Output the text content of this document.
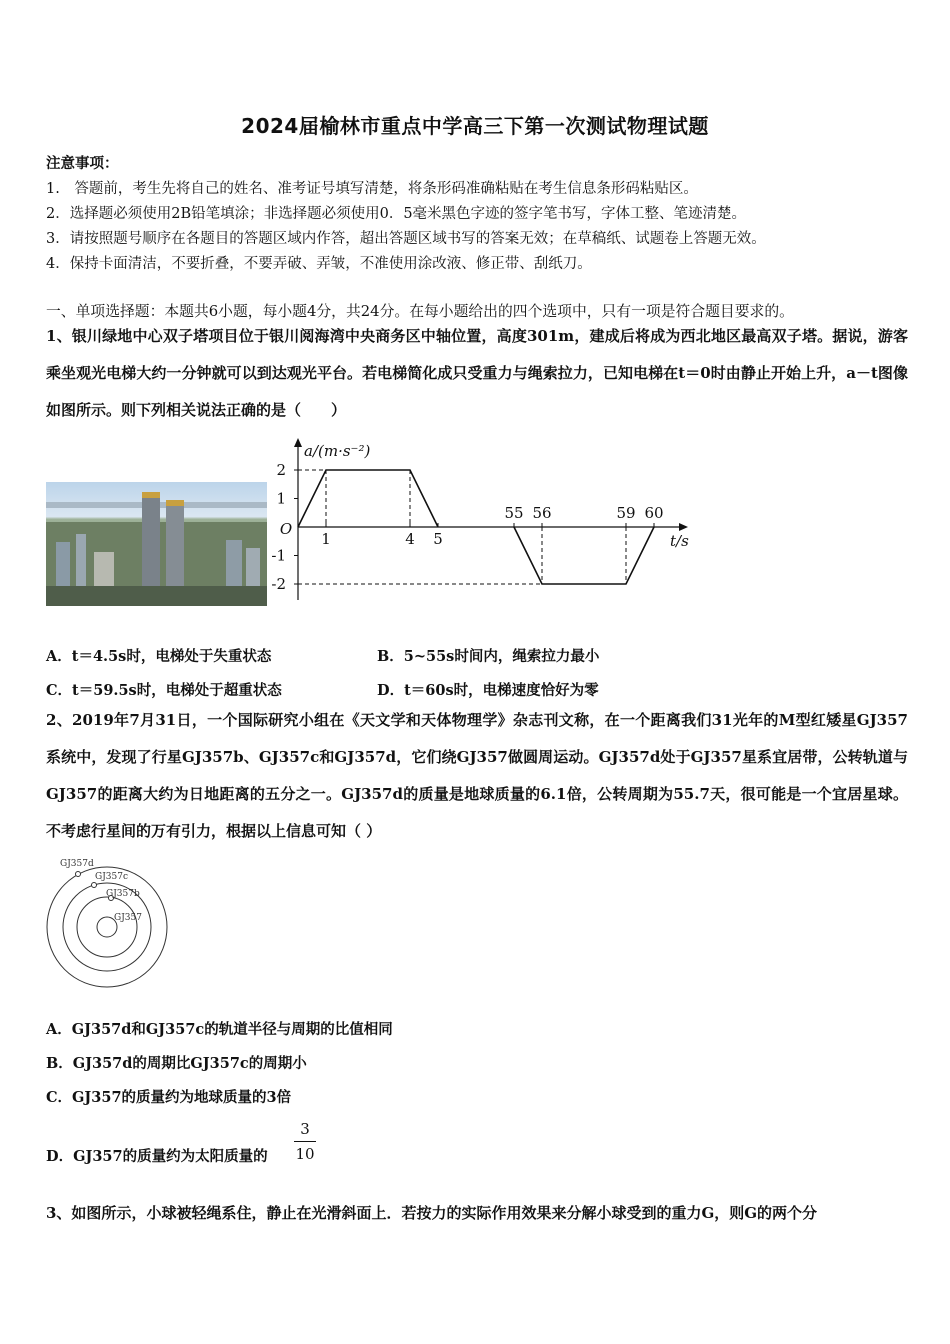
2024届榆林市重点中学高三下第一次测试物理试题
注意事项：
1.　答题前，考生先将自己的姓名、准考证号填写清楚，将条形码准确粘贴在考生信息条形码粘贴区。
2．选择题必须使用2B铅笔填涂；非选择题必须使用0．5毫米黑色字迹的签字笔书写，字体工整、笔迹清楚。
3．请按照题号顺序在各题目的答题区域内作答，超出答题区域书写的答案无效；在草稿纸、试题卷上答题无效。
4．保持卡面清洁，不要折叠，不要弄破、弄皱，不准使用涂改液、修正带、刮纸刀。
一、单项选择题：本题共6小题，每小题4分，共24分。在每小题给出的四个选项中，只有一项是符合题目要求的。
1、银川绿地中心双子塔项目位于银川阅海湾中央商务区中轴位置，高度301m，建成后将成为西北地区最高双子塔。据说，游客乘坐观光电梯大约一分钟就可以到达观光平台。若电梯简化成只受重力与绳索拉力，已知电梯在t＝0时由静止开始上升，a－t图像如图所示。则下列相关说法正确的是（　　）
a/(m·s⁻²)
t/s
O
2
1
-1
-2
1	4 5
55 56	59 60
A．t＝4.5s时，电梯处于失重状态	B．5~55s时间内，绳索拉力最小
C．t＝59.5s时，电梯处于超重状态	D．t＝60s时，电梯速度恰好为零
2、2019年7月31日，一个国际研究小组在《天文学和天体物理学》杂志刊文称，在一个距离我们31光年的M型红矮星GJ357系统中，发现了行星GJ357b、GJ357c和GJ357d，它们绕GJ357做圆周运动。GJ357d处于GJ357星系宜居带，公转轨道与GJ357的距离大约为日地距离的五分之一。GJ357d的质量是地球质量的6.1倍，公转周期为55.7天，很可能是一个宜居星球。不考虑行星间的万有引力，根据以上信息可知（ ）
GJ357d
GJ357c
GJ357b
GJ357
A．GJ357d和GJ357c的轨道半径与周期的比值相同
B．GJ357d的周期比GJ357c的周期小
C．GJ357的质量约为地球质量的3倍
D．GJ357的质量约为太阳质量的
3
10
3、如图所示，小球被轻绳系住，静止在光滑斜面上．若按力的实际作用效果来分解小球受到的重力G，则G的两个分
